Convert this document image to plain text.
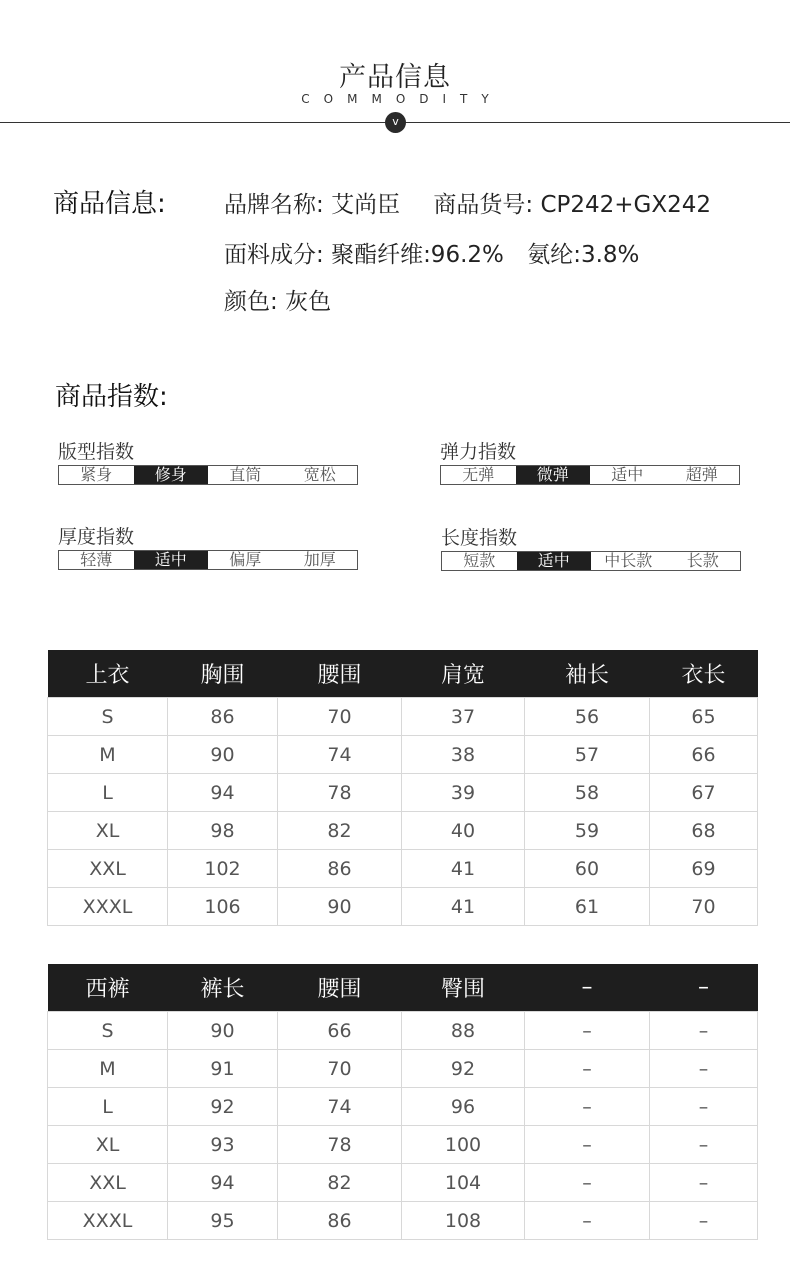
产品信息
COMMODITY
v
商品信息:	品牌名称: 艾尚臣 商品货号: CP242+GX242
面料成分: 聚酯纤维:96.2% 氨纶:3.8%
颜色: 灰色
商品指数:
版型指数
紧身	修身	直筒	宽松
弹力指数
无弹	微弹	适中	超弹
厚度指数
轻薄	适中	偏厚	加厚
长度指数
短款	适中	中长款	长款
上衣	胸围	腰围	肩宽	袖长	衣长
S	86	70	37	56	65
M	90	74	38	57	66
L	94	78	39	58	67
XL	98	82	40	59	68
XXL	102	86	41	60	69
XXXL	106	90	41	61	70
西裤	裤长	腰围	臀围	–	–
S	90	66	88	–	–
M	91	70	92	–	–
L	92	74	96	–	–
XL	93	78	100	–	–
XXL	94	82	104	–	–
XXXL	95	86	108	–	–
